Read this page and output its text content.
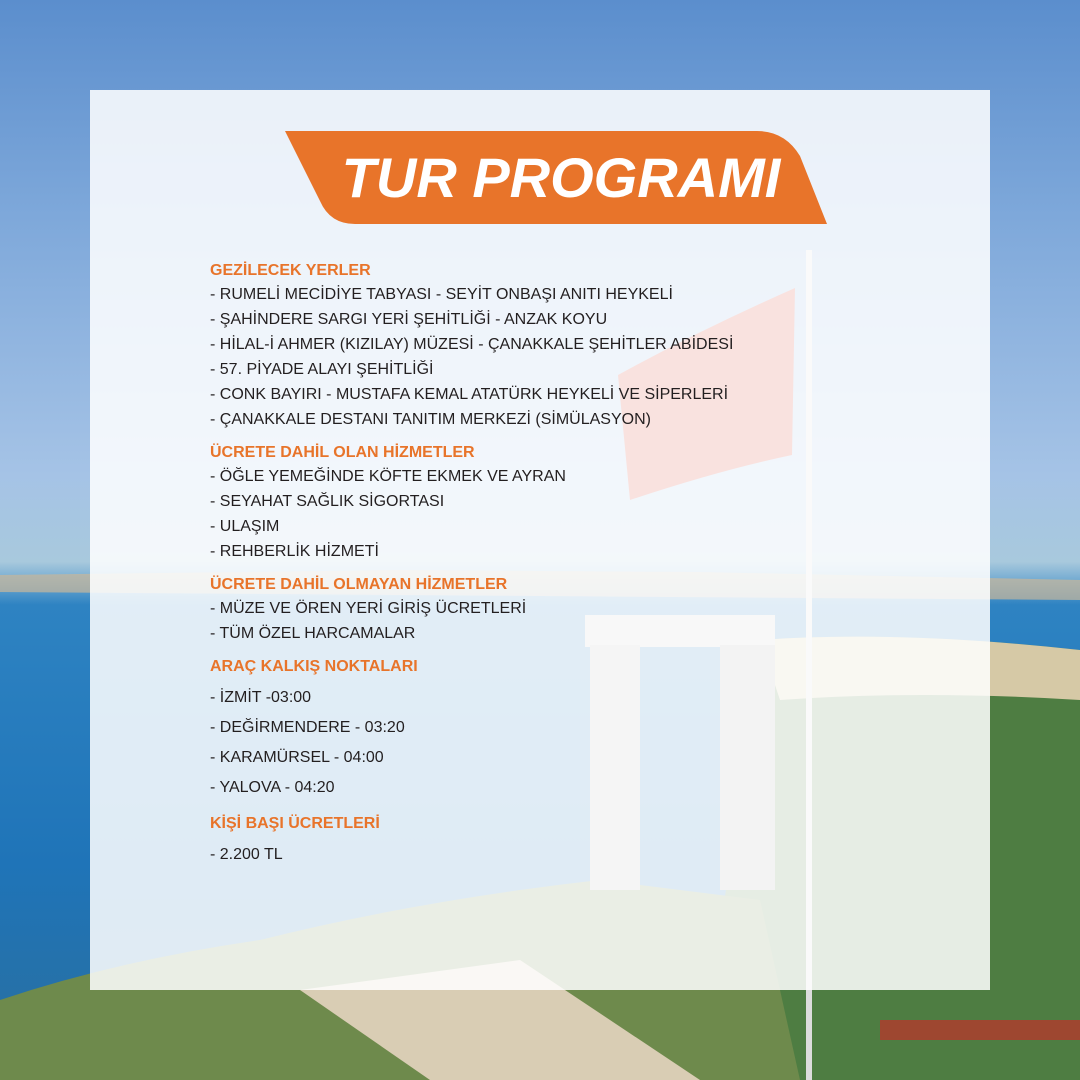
TUR PROGRAMI

GEZİLECEK YERLER

- RUMELİ MECİDİYE TABYASI - SEYİT ONBAŞI ANITI HEYKELİ

- ŞAHİNDERE SARGI YERİ ŞEHİTLİĞİ - ANZAK KOYU

- HİLAL-İ AHMER (KIZILAY) MÜZESİ - ÇANAKKALE ŞEHİTLER ABİDESİ

- 57. PİYADE ALAYI ŞEHİTLİĞİ

- CONK BAYIRI - MUSTAFA KEMAL ATATÜRK HEYKELİ VE SİPERLERİ

- ÇANAKKALE DESTANI TANITIM MERKEZİ (SİMÜLASYON)

ÜCRETE DAHİL OLAN HİZMETLER

- ÖĞLE YEMEĞİNDE KÖFTE EKMEK VE AYRAN

- SEYAHAT SAĞLIK SİGORTASI

- ULAŞIM

- REHBERLİK HİZMETİ

ÜCRETE DAHİL OLMAYAN HİZMETLER

- MÜZE VE ÖREN YERİ GİRİŞ ÜCRETLERİ

- TÜM ÖZEL HARCAMALAR

ARAÇ KALKIŞ NOKTALARI

- İZMİT -03:00

- DEĞİRMENDERE - 03:20

- KARAMÜRSEL - 04:00

- YALOVA - 04:20

KİŞİ BAŞI ÜCRETLERİ

- 2.200 TL
